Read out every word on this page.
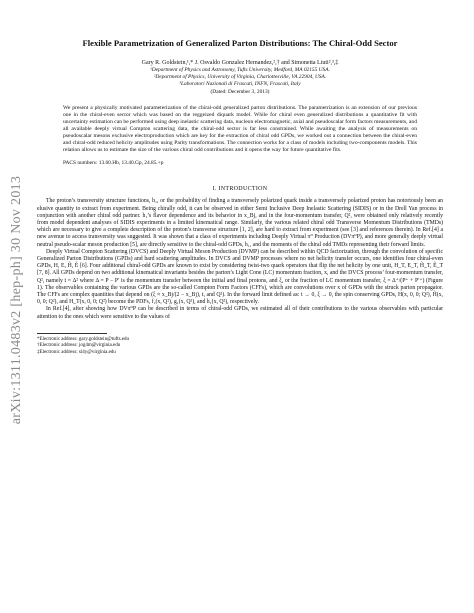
arXiv:1311.0483v2 [hep-ph] 30 Nov 2013
Flexible Parametrization of Generalized Parton Distributions: The Chiral-Odd Sector
Gary R. Goldstein,¹,* J. Osvaldo Gonzalez Hernandez,²,† and Simonetta Liuti²,³,‡
¹Department of Physics and Astronomy, Tufts University, Medford, MA 02155 USA.
²Department of Physics, University of Virginia, Charlottesville, VA 22904, USA.
³Laboratori Nazionali di Frascati, INFN, Frascati, Italy
(Dated: December 3, 2013)
We present a physically motivated parameterization of the chiral-odd generalized parton distributions. The parametrization is an extension of our previous one in the chiral-even sector which was based on the reggeized diquark model. While for chiral even generalized distributions a quantitative fit with uncertainty estimation can be performed using deep inelastic scattering data, nucleon electromagnetic, axial and pseudoscalar form factors measurements, and all available deeply virtual Compton scattering data, the chiral-odd sector is far less constrained. While awaiting the analysis of measurements on pseudoscalar mesons exclusive electroproduction which are key for the extraction of chiral odd GPDs, we worked out a connection between the chiral-even and chiral-odd reduced helicity amplitudes using Parity transformations. The connection works for a class of models including two-components models. This relation allows us to estimate the size of the various chiral odd contributions and it opens the way for future quantitative fits.
PACS numbers: 13.60.Hb, 13.40.Gp, 24.85.+p
I. INTRODUCTION

The proton’s transversity structure functions, h₁, or the probability of finding a transversely polarized quark inside a transversely polarized proton has notoriously been an elusive quantity to extract from experiment. Being chirally odd, it can be observed in either Semi Inclusive Deep Inelastic Scattering (SIDIS) or in the Drell Yan process in conjunction with another chiral odd partner. h₁’s flavor dependence and its behavior in x_Bj, and in the four-momentum transfer, Q², were obtained only relatively recently from model dependent analyses of SIDIS experiments in a limited kinematical range. Similarly, the various related chiral odd Transverse Momentum Distributions (TMDs) which are necessary to give a complete description of the proton’s transverse structure [1, 2], are hard to extract from experiment (see [3] and references therein). In Ref.[4] a new avenue to access transversity was suggested. It was shown that a class of experiments including Deeply Virtual π⁰ Production (DVπ⁰P), and more generally deeply virtual neutral pseudo-scalar meson production [5], are directly sensitive to the chiral-odd GPDs, h₁, and the moments of the chiral odd TMDs representing their forward limits.

Deeply Virtual Compton Scattering (DVCS) and Deeply Virtual Meson Production (DVMP) can be described within QCD factorization, through the convolution of specific Generalized Parton Distributions (GPDs) and hard scattering amplitudes. In DVCS and DVMP processes where no net helicity transfer occurs, one identifies four chiral-even GPDs, H, E, H̃, Ẽ [6]. Four additional chiral-odd GPDs are known to exist by considering twist-two quark operators that flip the net helicity by one unit, H_T, E_T, H̃_T, Ẽ_T [7, 8]. All GPDs depend on two additional kinematical invariants besides the parton’s Light Cone (LC) momentum fraction, x, and the DVCS process’ four-momentum transfer, Q², namely t = Δ² where Δ = P − P′ is the momentum transfer between the initial and final protons, and ξ, or the fraction of LC momentum transfer, ξ = Δ⁺/(P⁺ + P′⁺) (Figure 1). The observables containing the various GPDs are the so-called Compton Form Factors (CFFs), which are convolutions over x of GPDs with the struck parton propagator. The CFFs are complex quantities that depend on (ξ ≈ x_Bj/(2 − x_Bj), t, and Q²). In the forward limit defined as: t → 0, ξ → 0, the spin conserving GPDs, H(x, 0, 0; Q²), H̃(x, 0, 0; Q²), and H_T(x, 0, 0; Q²) become the PDFs, f₁(x, Q²), g₁(x, Q²), and h₁(x, Q²), respectively.

In Ref.[4], after showing how DVπ⁰P can be described in terms of chiral-odd GPDs, we estimated all of their contributions to the various observables with particular attention to the ones which were sensitive to the values of

*Electronic address: gary.goldstein@tufts.edu
†Electronic address: jog4m@virginia.edu
‡Electronic address: sl4y@virginia.edu
